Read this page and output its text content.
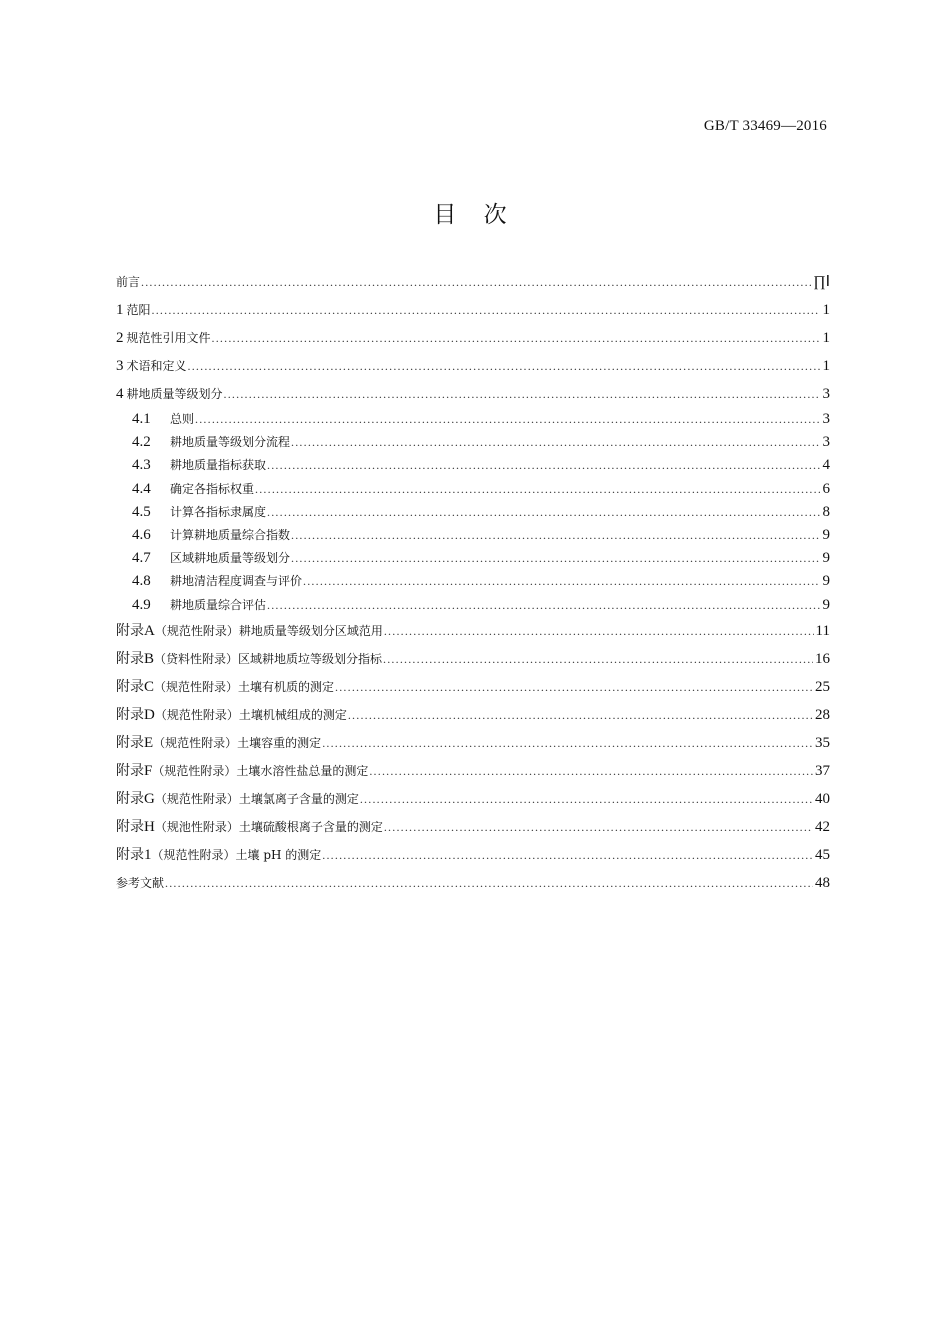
GB/T 33469—2016
目 次
前言 .....	∏Ⅰ
1 范阳 .....	1
2 规范性引用文件 .....	1
3 术语和定义 .....	1
4 耕地质量等级划分 .....	3
4.1	总则 .....	3
4.2	耕地质量等级划分流程 .....	3
4.3	耕地质量指标获取 .....	4
4.4	确定各指标权重 .....	6
4.5	计算各指标隶属度 .....	8
4.6	计算耕地质量综合指数 .....	9
4.7	区域耕地质量等级划分 .....	9
4.8	耕地清洁程度调查与评价 .....	9
4.9	耕地质量综合评估 .....	9
附录A （规范性附录）耕地质量等级划分区域范用 .....	11
附录B （贷料性附录）区域耕地质垃等级划分指标 .....	16
附录C （规范性附录）土壤有机质的测定 .....	25
附录D （规范性附录）土壤机械组成的测定 .....	28
附录E （规范性附录）土壤容重的测定 .....	35
附录F （规范性附录）土壤水溶性盐总量的测定 .....	37
附录G （规范性附录）土壤氯离子含量的测定 .....	40
附录H （规池性附录）土壤硫酸根离子含量的测定 .....	42
附录1 （规范性附录）土壤 pH 的测定 .....	45
参考文献 .....	48
